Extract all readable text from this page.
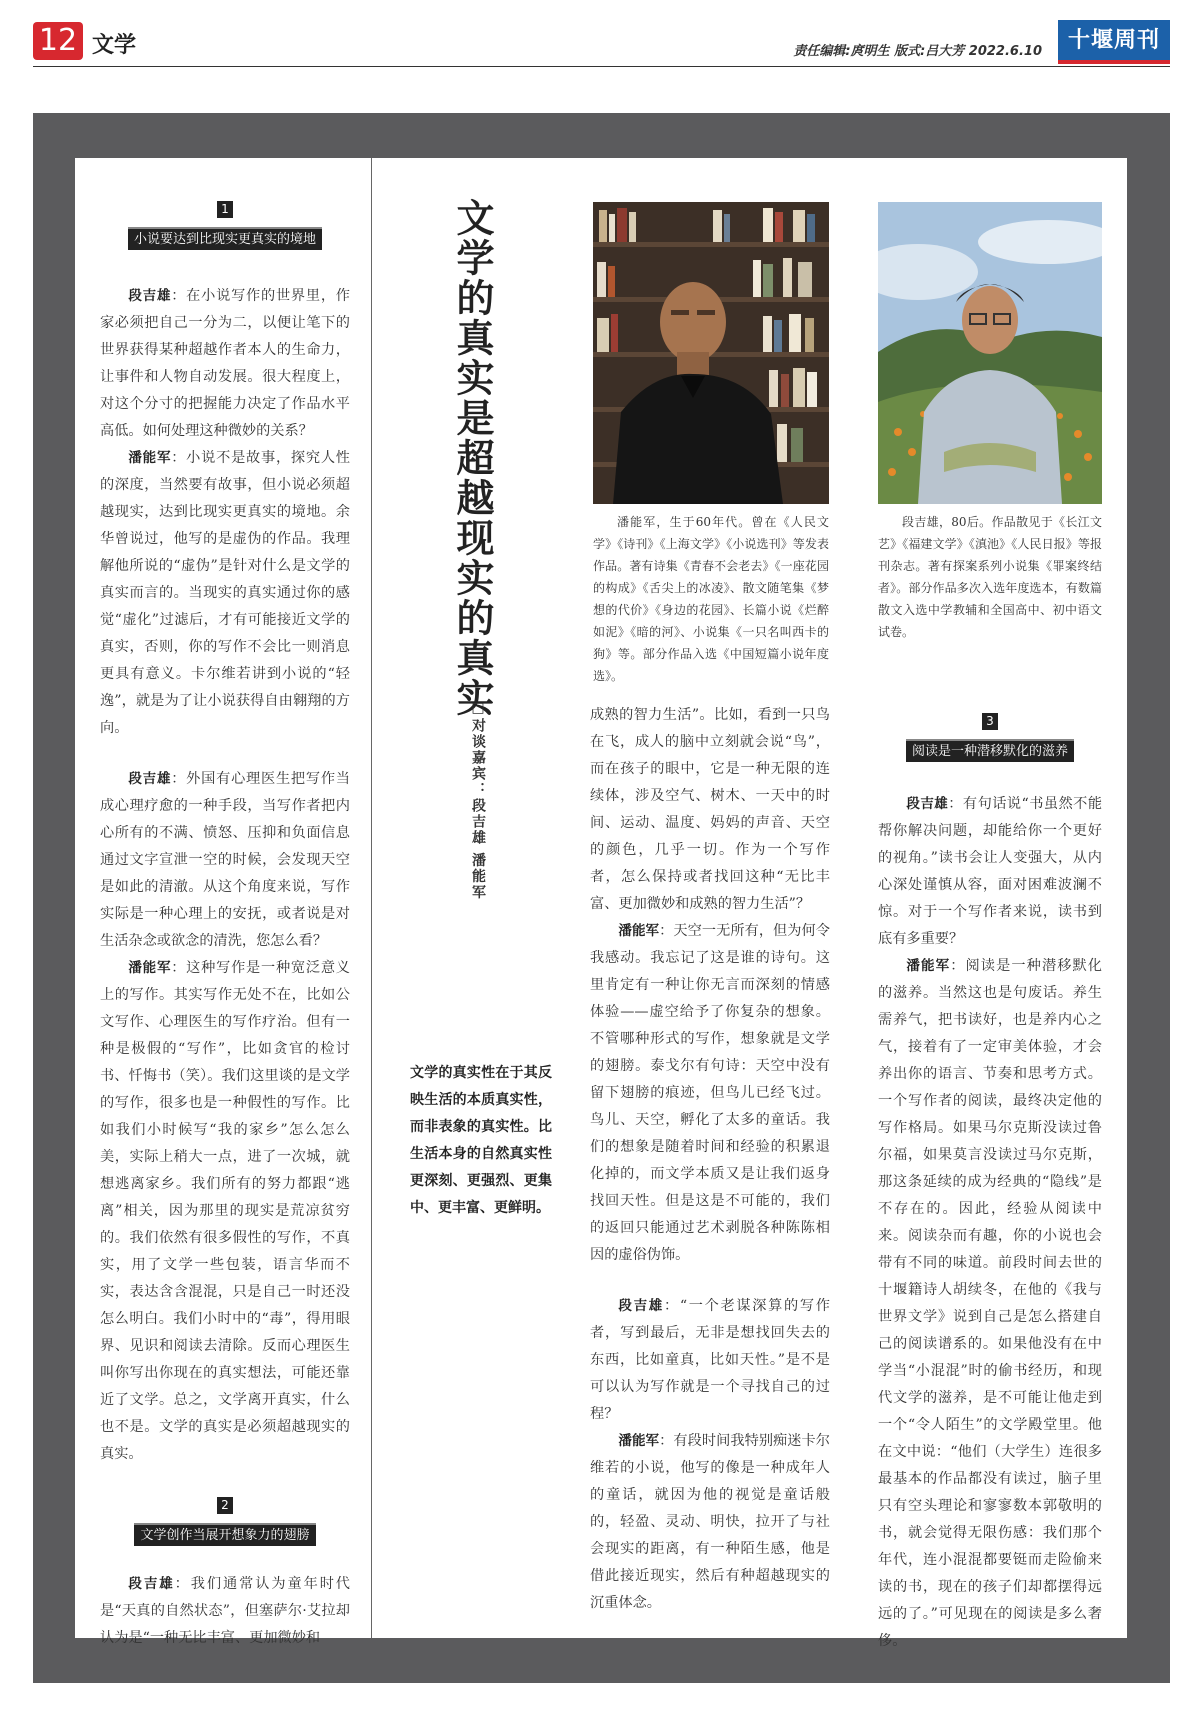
12 文学	责任编辑:庹明生 版式:吕大芳 2022.6.10	十堰周刊
1
小说要达到比现实更真实的境地

段吉雄：在小说写作的世界里，作家必须把自己一分为二，以便让笔下的世界获得某种超越作者本人的生命力，让事件和人物自动发展。很大程度上，对这个分寸的把握能力决定了作品水平高低。如何处理这种微妙的关系？

潘能军：小说不是故事，探究人性的深度，当然要有故事，但小说必须超越现实，达到比现实更真实的境地。余华曾说过，他写的是虚伪的作品。我理解他所说的“虚伪”是针对什么是文学的真实而言的。当现实的真实通过你的感觉“虚化”过滤后，才有可能接近文学的真实，否则，你的写作不会比一则消息更具有意义。卡尔维若讲到小说的“轻逸”，就是为了让小说获得自由翱翔的方向。

段吉雄：外国有心理医生把写作当成心理疗愈的一种手段，当写作者把内心所有的不满、愤怒、压抑和负面信息通过文字宣泄一空的时候，会发现天空是如此的清澈。从这个角度来说，写作实际是一种心理上的安抚，或者说是对生活杂念或欲念的清洗，您怎么看？

潘能军：这种写作是一种宽泛意义上的写作。其实写作无处不在，比如公文写作、心理医生的写作疗治。但有一种是极假的“写作”，比如贪官的检讨书、忏悔书（笑）。我们这里谈的是文学的写作，很多也是一种假性的写作。比如我们小时候写“我的家乡”怎么怎么美，实际上稍大一点，进了一次城，就想逃离家乡。我们所有的努力都跟“逃离”相关，因为那里的现实是荒凉贫穷的。我们依然有很多假性的写作，不真实，用了文学一些包装，语言华而不实，表达含含混混，只是自己一时还没怎么明白。我们小时中的“毒”，得用眼界、见识和阅读去清除。反而心理医生叫你写出你现在的真实想法，可能还靠近了文学。总之，文学离开真实，什么也不是。文学的真实是必须超越现实的真实。

2
文学创作当展开想象力的翅膀

段吉雄：我们通常认为童年时代是“天真的自然状态”，但塞萨尔·艾拉却认为是“一种无比丰富、更加微妙和

文学的真实是超越现实的真实
□对谈嘉宾：段吉雄 潘能军
文学的真实性在于其反映生活的本质真实性，而非表象的真实性。比生活本身的自然真实性更深刻、更强烈、更集中、更丰富、更鲜明。
潘能军，生于60年代。曾在《人民文学》《诗刊》《上海文学》《小说选刊》等发表作品。著有诗集《青春不会老去》《一座花园的构成》《舌尖上的冰凌》、散文随笔集《梦想的代价》《身边的花园》、长篇小说《烂醉如泥》《暗的河》、小说集《一只名叫西卡的狗》等。部分作品入选《中国短篇小说年度选》。
段吉雄，80后。作品散见于《长江文艺》《福建文学》《滇池》《人民日报》等报刊杂志。著有探案系列小说集《罪案终结者》。部分作品多次入选年度选本，有数篇散文入选中学教辅和全国高中、初中语文试卷。

成熟的智力生活”。比如，看到一只鸟在飞，成人的脑中立刻就会说“鸟”，而在孩子的眼中，它是一种无限的连续体，涉及空气、树木、一天中的时间、运动、温度、妈妈的声音、天空的颜色，几乎一切。作为一个写作者，怎么保持或者找回这种“无比丰富、更加微妙和成熟的智力生活”？

潘能军：天空一无所有，但为何令我感动。我忘记了这是谁的诗句。这里肯定有一种让你无言而深刻的情感体验——虚空给予了你复杂的想象。不管哪种形式的写作，想象就是文学的翅膀。泰戈尔有句诗：天空中没有留下翅膀的痕迹，但鸟儿已经飞过。鸟儿、天空，孵化了太多的童话。我们的想象是随着时间和经验的积累退化掉的，而文学本质又是让我们返身找回天性。但是这是不可能的，我们的返回只能通过艺术剥脱各种陈陈相因的虚俗伪饰。

段吉雄：“一个老谋深算的写作者，写到最后，无非是想找回失去的东西，比如童真，比如天性。”是不是可以认为写作就是一个寻找自己的过程？

潘能军：有段时间我特别痴迷卡尔维若的小说，他写的像是一种成年人的童话，就因为他的视觉是童话般的，轻盈、灵动、明快，拉开了与社会现实的距离，有一种陌生感，他是借此接近现实，然后有种超越现实的沉重体念。

3
阅读是一种潜移默化的滋养

段吉雄：有句话说“书虽然不能帮你解决问题，却能给你一个更好的视角。”读书会让人变强大，从内心深处谨慎从容，面对困难波澜不惊。对于一个写作者来说，读书到底有多重要？

潘能军：阅读是一种潜移默化的滋养。当然这也是句废话。养生需养气，把书读好，也是养内心之气，接着有了一定审美体验，才会养出你的语言、节奏和思考方式。一个写作者的阅读，最终决定他的写作格局。如果马尔克斯没读过鲁尔福，如果莫言没读过马尔克斯，那这条延续的成为经典的“隐线”是不存在的。因此，经验从阅读中来。阅读杂而有趣，你的小说也会带有不同的味道。前段时间去世的十堰籍诗人胡续冬，在他的《我与世界文学》说到自己是怎么搭建自己的阅读谱系的。如果他没有在中学当“小混混”时的偷书经历，和现代文学的滋养，是不可能让他走到一个“令人陌生”的文学殿堂里。他在文中说：“他们（大学生）连很多最基本的作品都没有读过，脑子里只有空头理论和寥寥数本郭敬明的书，就会觉得无限伤感：我们那个年代，连小混混都要铤而走险偷来读的书，现在的孩子们却都摆得远远的了。”可见现在的阅读是多么奢侈。
